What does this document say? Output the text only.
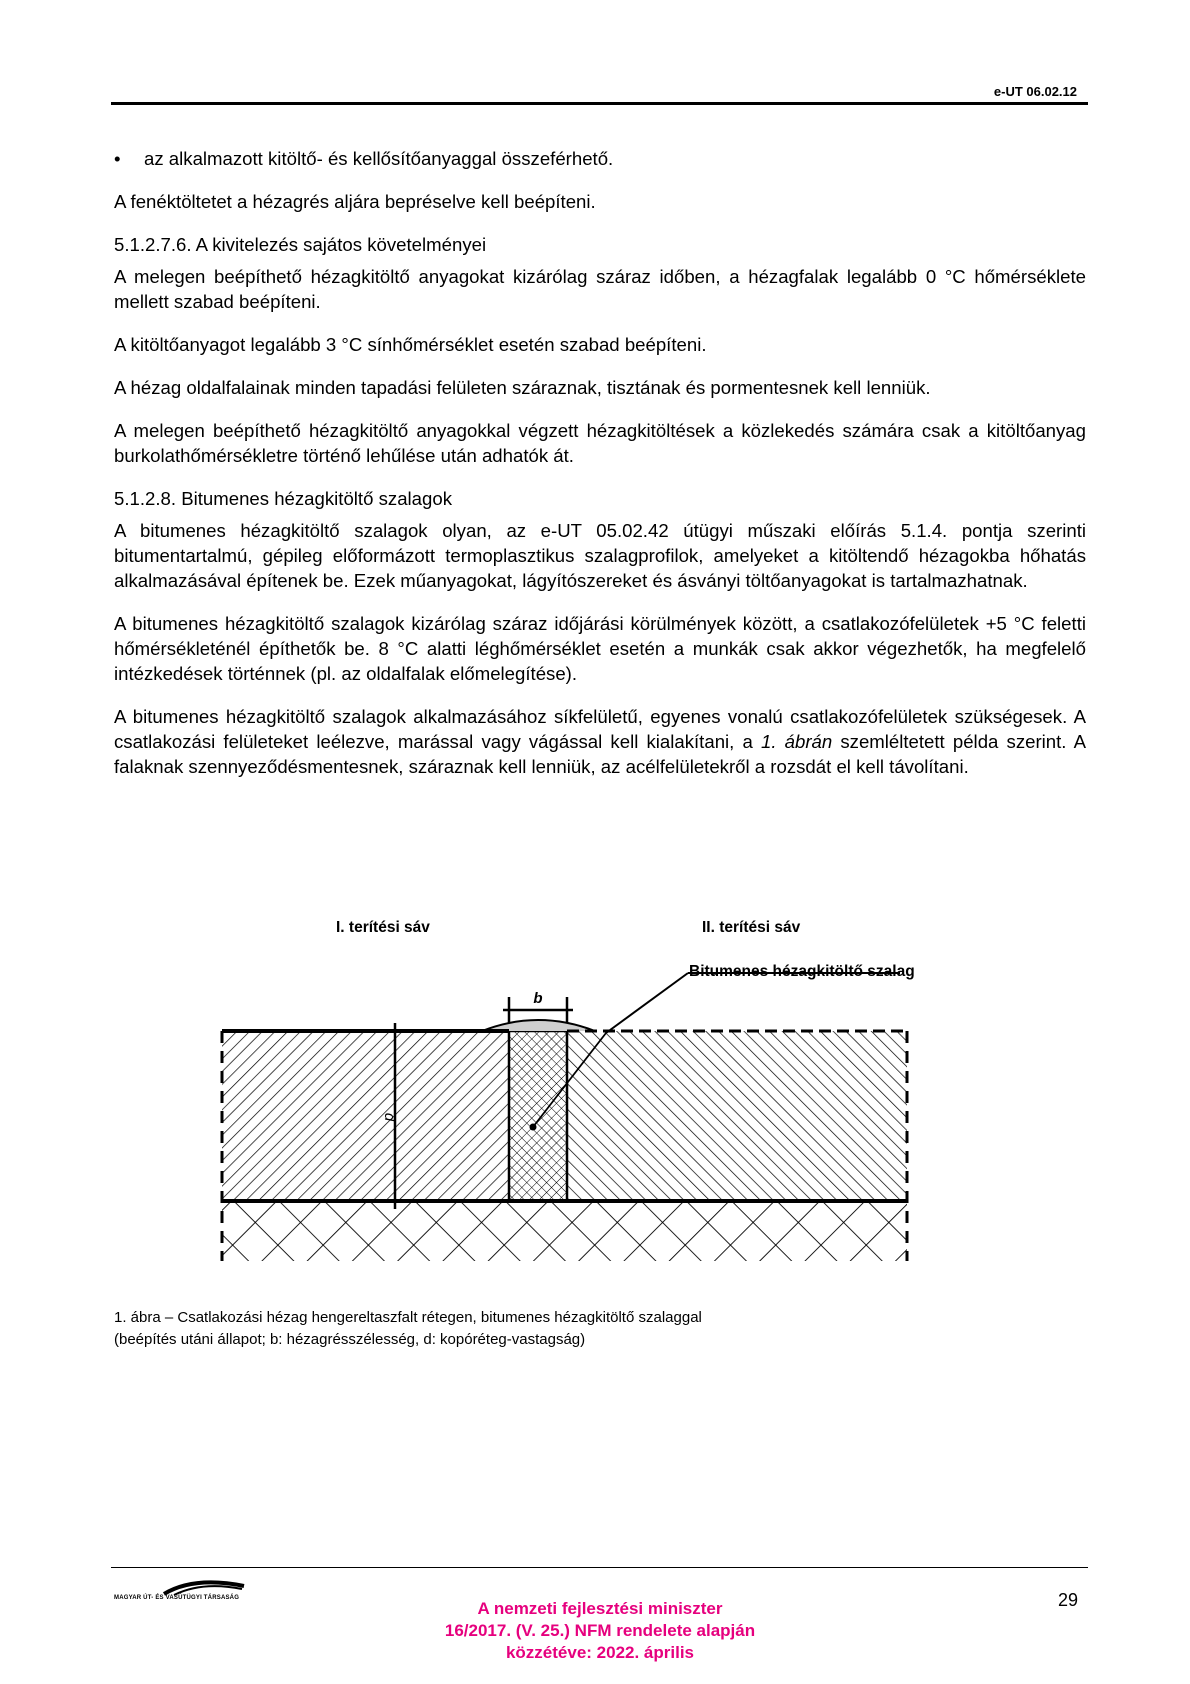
e-UT 06.02.12
•	az alkalmazott kitöltő- és kellősítőanyaggal összeférhető.

A fenéktöltetet a hézagrés aljára bepréselve kell beépíteni.

5.1.2.7.6. A kivitelezés sajátos követelményei

A melegen beépíthető hézagkitöltő anyagokat kizárólag száraz időben, a hézagfalak legalább 0 °C hőmérséklete mellett szabad beépíteni.

A kitöltőanyagot legalább 3 °C sínhőmérséklet esetén szabad beépíteni.

A hézag oldalfalainak minden tapadási felületen száraznak, tisztának és pormentesnek kell lenniük.

A melegen beépíthető hézagkitöltő anyagokkal végzett hézagkitöltések a közlekedés számára csak a kitöltőanyag burkolathőmérsékletre történő lehűlése után adhatók át.

5.1.2.8. Bitumenes hézagkitöltő szalagok

A bitumenes hézagkitöltő szalagok olyan, az e-UT 05.02.42 útügyi műszaki előírás 5.1.4. pontja szerinti bitumentartalmú, gépileg előformázott termoplasztikus szalagprofilok, amelyeket a kitöltendő hézagokba hőhatás alkalmazásával építenek be. Ezek műanyagokat, lágyítószereket és ásványi töltőanyagokat is tartalmazhatnak.

A bitumenes hézagkitöltő szalagok kizárólag száraz időjárási körülmények között, a csatlakozófelületek +5 °C feletti hőmérsékleténél építhetők be. 8 °C alatti léghőmérséklet esetén a munkák csak akkor végezhetők, ha megfelelő intézkedések történnek (pl. az oldalfalak előmelegítése).

A bitumenes hézagkitöltő szalagok alkalmazásához síkfelületű, egyenes vonalú csatlakozófelületek szükségesek. A csatlakozási felületeket leélezve, marással vagy vágással kell kialakítani, a 1. ábrán szemléltetett példa szerint. A falaknak szennyeződésmentesnek, száraznak kell lenniük, az acélfelületekről a rozsdát el kell távolítani.

I. terítési sáv	II. terítési sáv
Bitumenes hézagkitöltő szalag
b
d
1. ábra – Csatlakozási hézag hengereltaszfalt rétegen, bitumenes hézagkitöltő szalaggal
(beépítés utáni állapot; b: hézagrésszélesség, d: kopóréteg-vastagság)
MAGYAR ÚT- ÉS VASÚTÜGYI TÁRSASÁG
A nemzeti fejlesztési miniszter
16/2017. (V. 25.) NFM rendelete alapján
közzétéve: 2022. április
29
